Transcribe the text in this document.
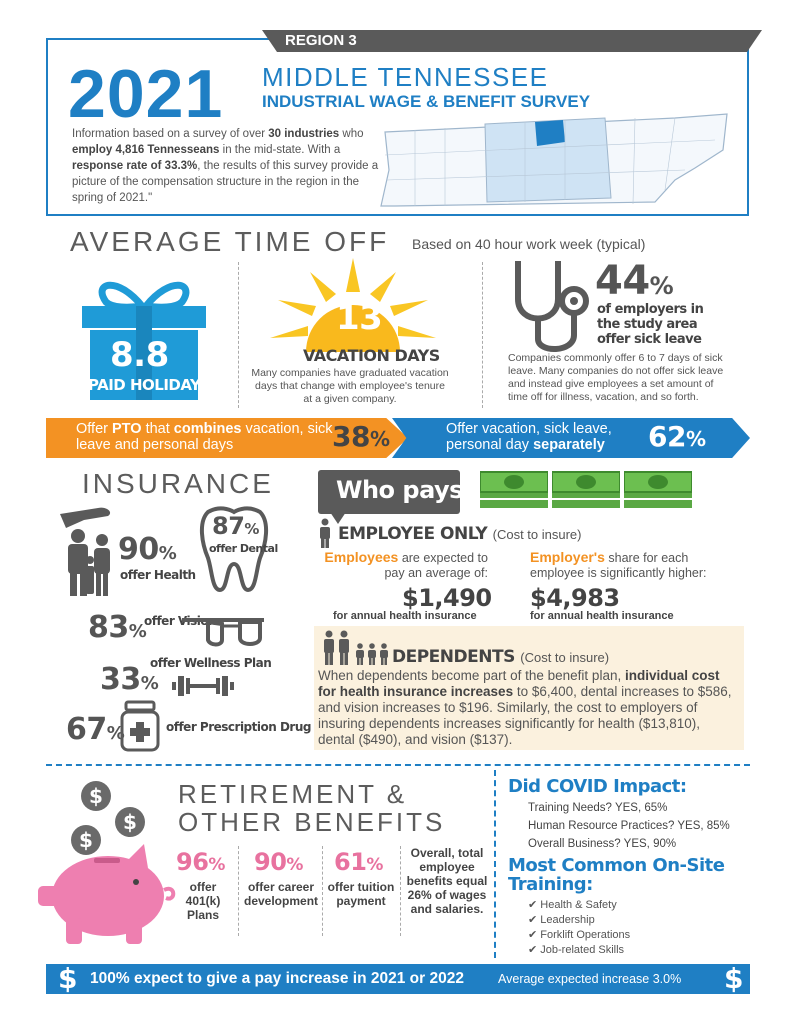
REGION 3
2021 MIDDLE TENNESSEE
INDUSTRIAL WAGE & BENEFIT SURVEY
Information based on a survey of over 30 industries who employ 4,816 Tennesseans in the mid-state. With a response rate of 33.3%, the results of this survey provide a picture of the compensation structure in the region in the spring of 2021."
AVERAGE TIME OFF Based on 40 hour work week (typical)
8.8
PAID HOLIDAYS
13
VACATION DAYS
Many companies have graduated vacation days that change with employee's tenure at a given company.
44%
of employers in the study area offer sick leave
Companies commonly offer 6 to 7 days of sick leave. Many companies do not offer sick leave and instead give employees a set amount of time off for illness, vacation, and so forth.
Offer PTO that combines vacation, sick leave and personal days	38%	Offer vacation, sick leave, personal day separately	62%
INSURANCE
90%
offer Health
87%
offer Dental
83%
offer Vision
33%
offer Wellness Plan
67%	offer Prescription Drug
Who pays?
EMPLOYEE ONLY (Cost to insure)
Employees are expected to pay an average of:
$1,490
for annual health insurance
Employer's share for each employee is significantly higher:
$4,983
for annual health insurance
DEPENDENTS (Cost to insure)
When dependents become part of the benefit plan, individual cost for health insurance increases to $6,400, dental increases to $586, and vision increases to $196. Similarly, the cost to employers of insuring dependents increases significantly for health ($13,810), dental ($490), and vision ($137).
$
$
$
RETIREMENT &
OTHER BENEFITS
96%
offer 401(k) Plans
90%
offer career development
61%
offer tuition payment
Overall, total employee benefits equal 26% of wages and salaries.
Did COVID Impact:
Training Needs? YES, 65%
Human Resource Practices? YES, 85%
Overall Business? YES, 90%
Most Common On-Site Training:
✔ Health & Safety
✔ Leadership
✔ Forklift Operations
✔ Job-related Skills
$ 100% expect to give a pay increase in 2021 or 2022	Average expected increase 3.0% $
